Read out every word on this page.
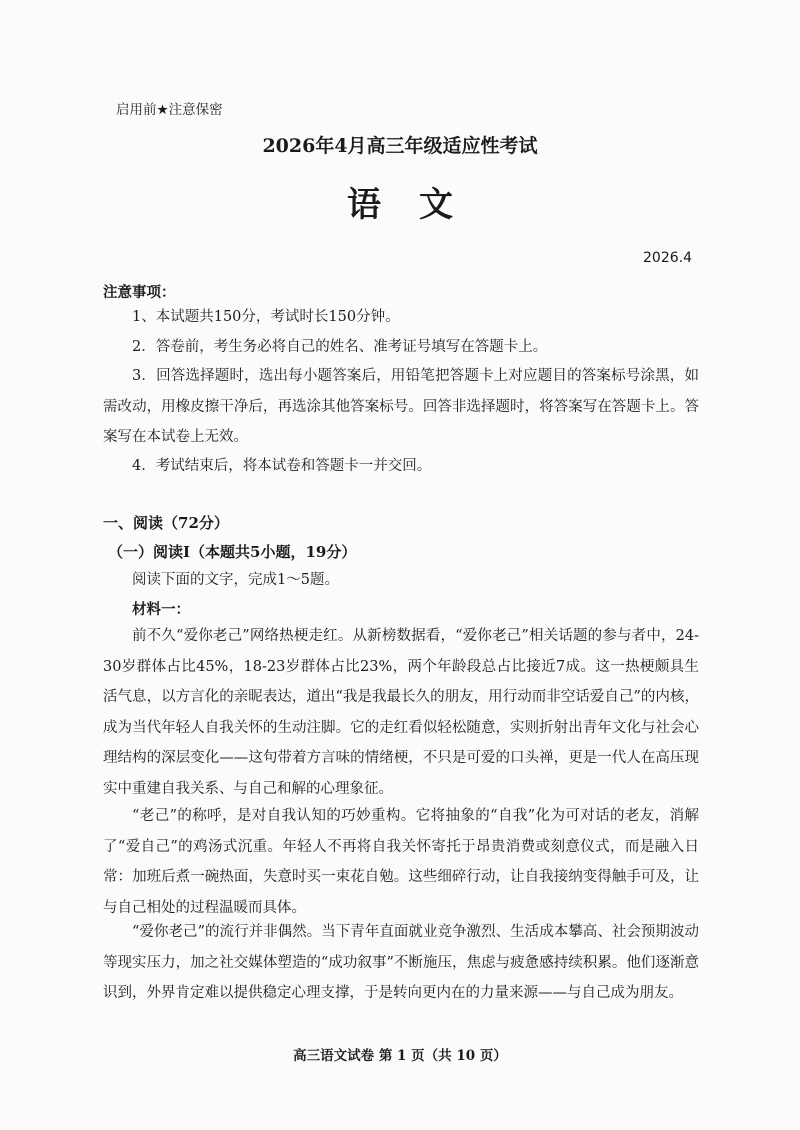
启用前★注意保密
2026年4月高三年级适应性考试
语文
2026.4
注意事项：
1、本试题共150分，考试时长150分钟。
2．答卷前，考生务必将自己的姓名、准考证号填写在答题卡上。
3．回答选择题时，选出每小题答案后，用铅笔把答题卡上对应题目的答案标号涂黑，如需改动，用橡皮擦干净后，再选涂其他答案标号。回答非选择题时，将答案写在答题卡上。答案写在本试卷上无效。
4．考试结束后，将本试卷和答题卡一并交回。
一、阅读（72分）
（一）阅读Ⅰ（本题共5小题，19分）
阅读下面的文字，完成1～5题。
材料一：
前不久“爱你老己”网络热梗走红。从新榜数据看，“爱你老己”相关话题的参与者中，24-30岁群体占比45%，18-23岁群体占比23%，两个年龄段总占比接近7成。这一热梗颇具生活气息，以方言化的亲昵表达，道出“我是我最长久的朋友，用行动而非空话爱自己”的内核，成为当代年轻人自我关怀的生动注脚。它的走红看似轻松随意，实则折射出青年文化与社会心理结构的深层变化——这句带着方言味的情绪梗，不只是可爱的口头禅，更是一代人在高压现实中重建自我关系、与自己和解的心理象征。
“老己”的称呼，是对自我认知的巧妙重构。它将抽象的“自我”化为可对话的老友，消解了“爱自己”的鸡汤式沉重。年轻人不再将自我关怀寄托于昂贵消费或刻意仪式，而是融入日常：加班后煮一碗热面，失意时买一束花自勉。这些细碎行动，让自我接纳变得触手可及，让与自己相处的过程温暖而具体。
“爱你老己”的流行并非偶然。当下青年直面就业竞争激烈、生活成本攀高、社会预期波动等现实压力，加之社交媒体塑造的“成功叙事”不断施压，焦虑与疲惫感持续积累。他们逐渐意识到，外界肯定难以提供稳定心理支撑，于是转向更内在的力量来源——与自己成为朋友。
高三语文试卷 第 1 页（共 10 页）
